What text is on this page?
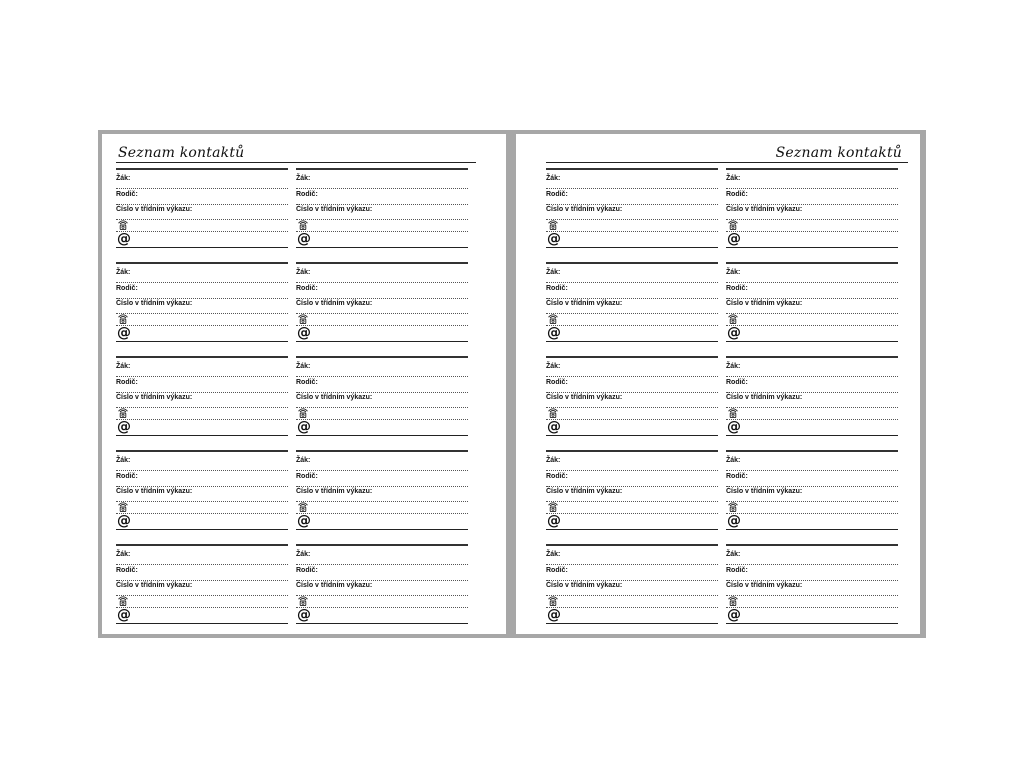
Seznam kontaktů
Žák:
Rodič:
Číslo v třídním výkazu:
@
Žák:
Rodič:
Číslo v třídním výkazu:
@
Žák:
Rodič:
Číslo v třídním výkazu:
@
Žák:
Rodič:
Číslo v třídním výkazu:
@
Žák:
Rodič:
Číslo v třídním výkazu:
@
Žák:
Rodič:
Číslo v třídním výkazu:
@
Žák:
Rodič:
Číslo v třídním výkazu:
@
Žák:
Rodič:
Číslo v třídním výkazu:
@
Žák:
Rodič:
Číslo v třídním výkazu:
@
Žák:
Rodič:
Číslo v třídním výkazu:
@
Seznam kontaktů
Žák:
Rodič:
Číslo v třídním výkazu:
@
Žák:
Rodič:
Číslo v třídním výkazu:
@
Žák:
Rodič:
Číslo v třídním výkazu:
@
Žák:
Rodič:
Číslo v třídním výkazu:
@
Žák:
Rodič:
Číslo v třídním výkazu:
@
Žák:
Rodič:
Číslo v třídním výkazu:
@
Žák:
Rodič:
Číslo v třídním výkazu:
@
Žák:
Rodič:
Číslo v třídním výkazu:
@
Žák:
Rodič:
Číslo v třídním výkazu:
@
Žák:
Rodič:
Číslo v třídním výkazu:
@
